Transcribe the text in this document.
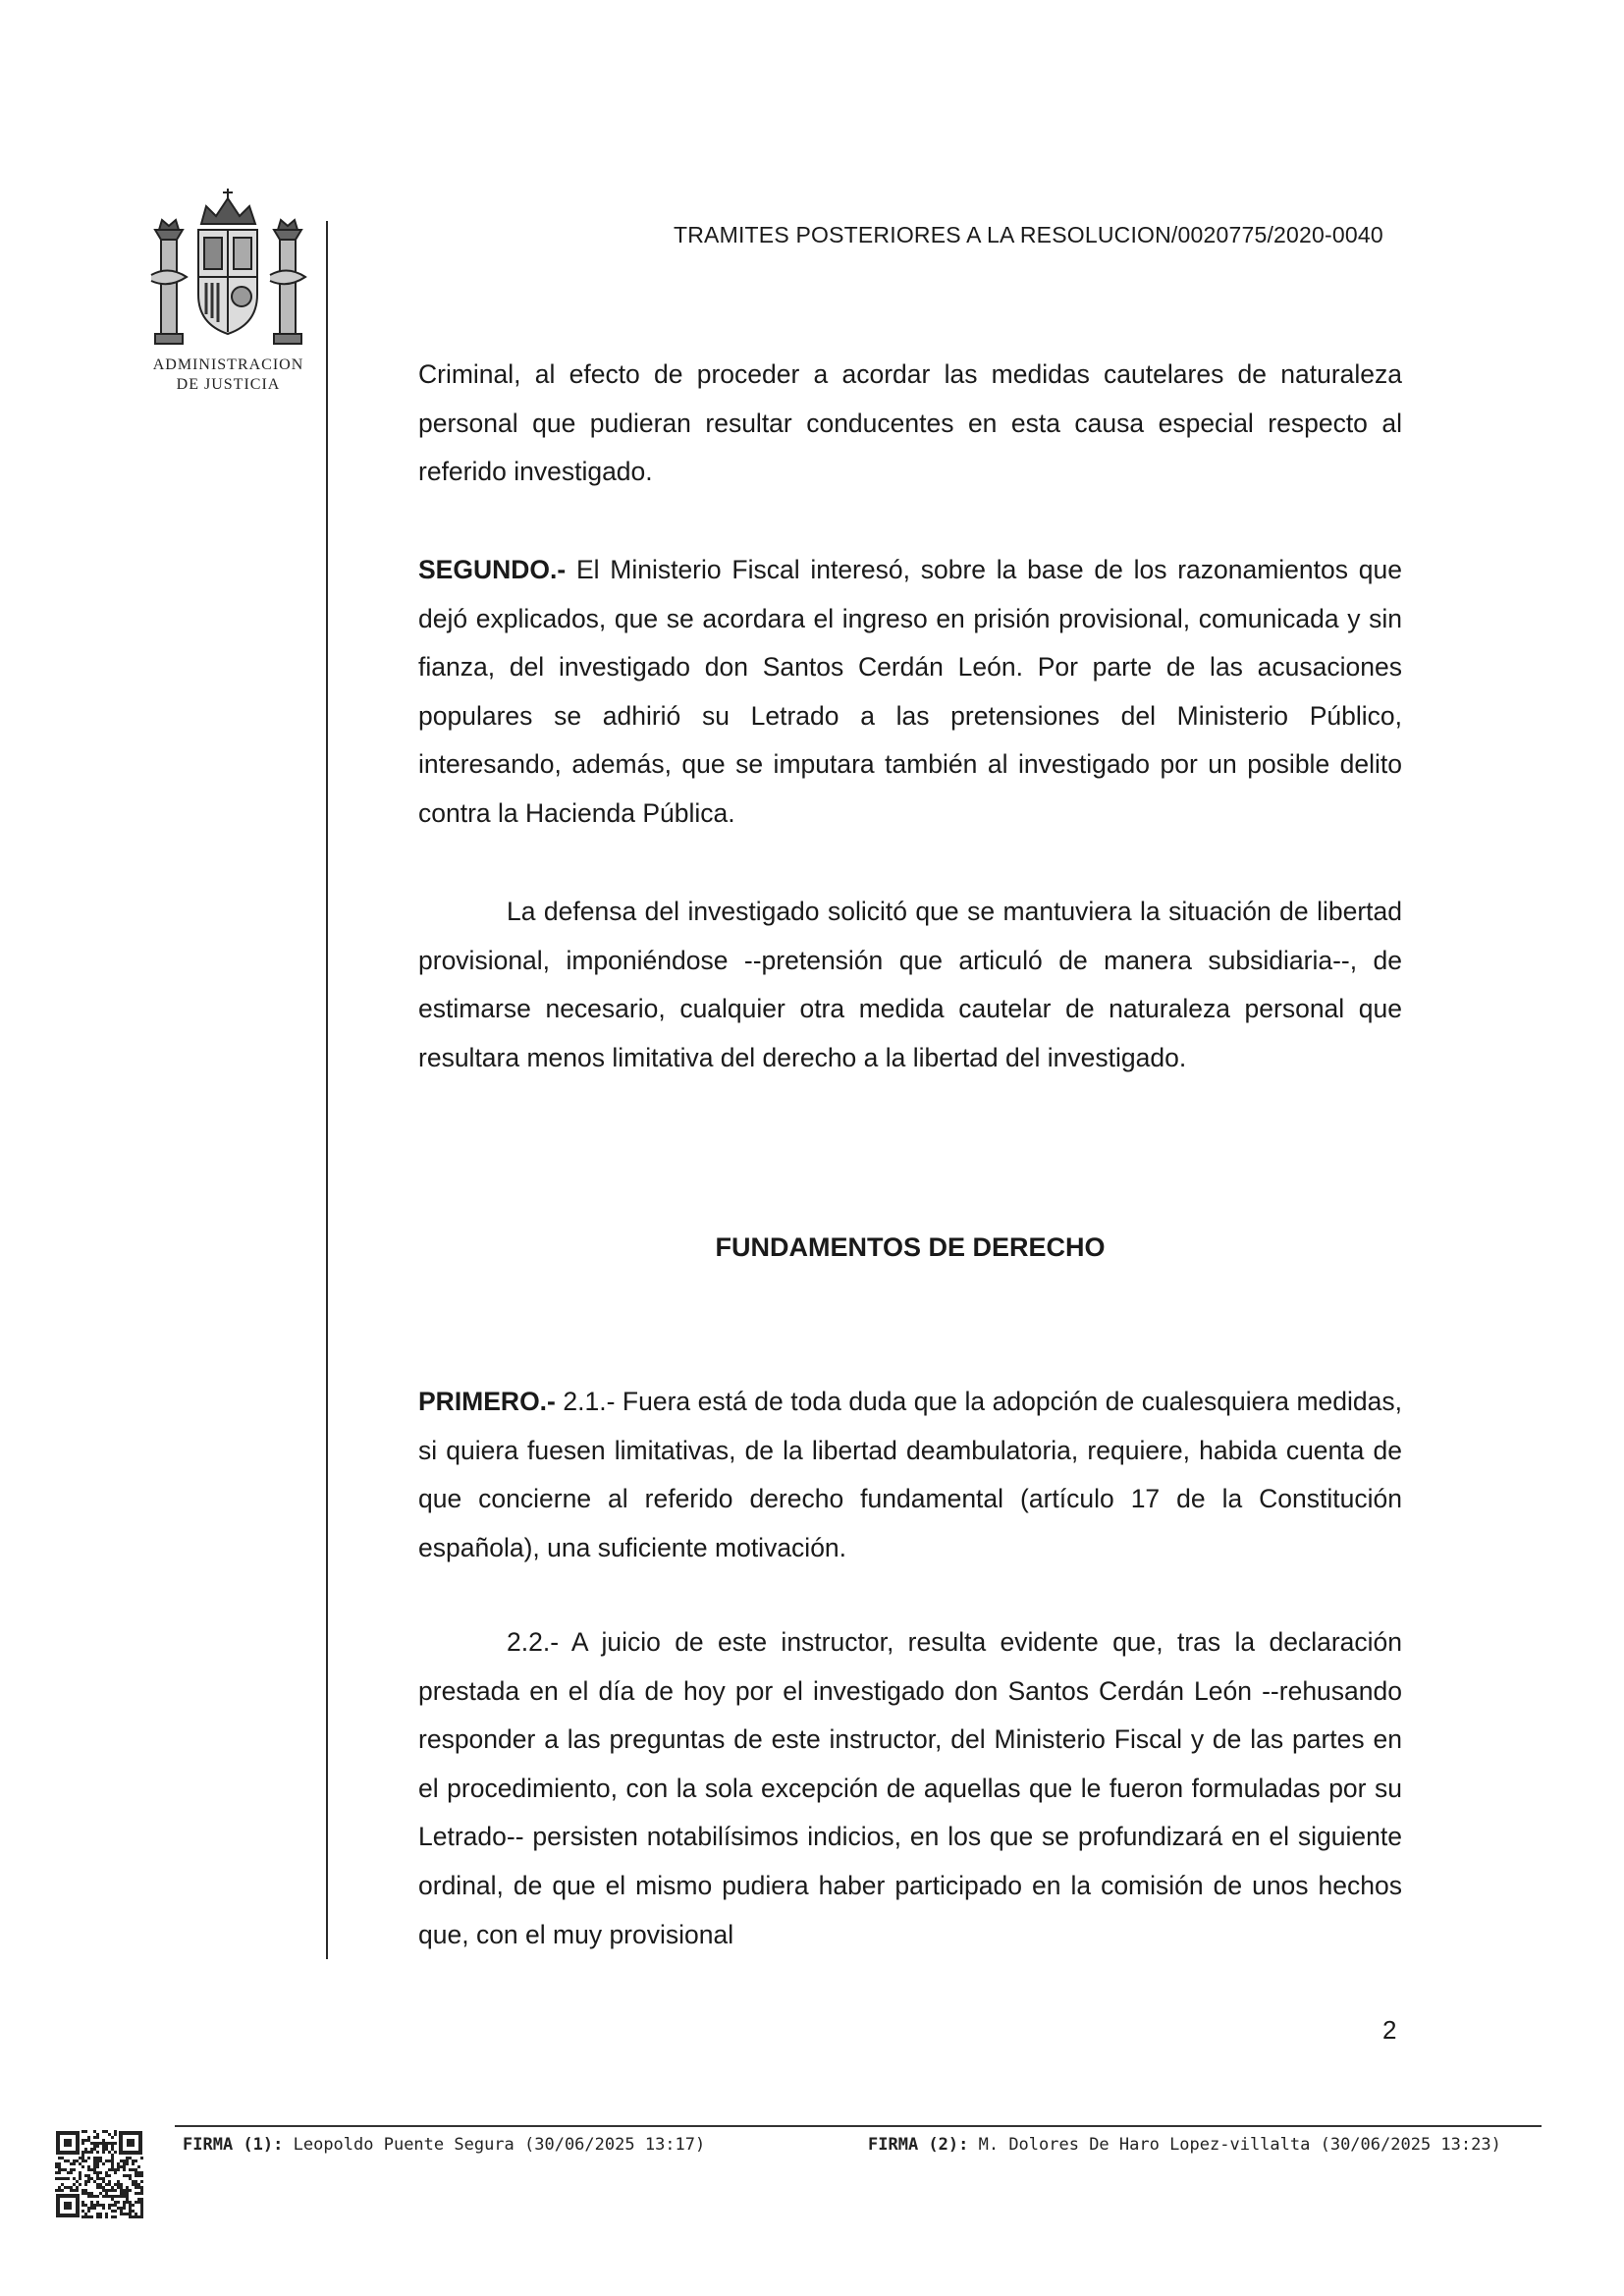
ADMINISTRACION
DE JUSTICIA
TRAMITES POSTERIORES A LA RESOLUCION/0020775/2020-0040

Criminal, al efecto de proceder a acordar las medidas cautelares de naturaleza personal que pudieran resultar conducentes en esta causa especial respecto al referido investigado.

SEGUNDO.- El Ministerio Fiscal interesó, sobre la base de los razonamientos que dejó explicados, que se acordara el ingreso en prisión provisional, comunicada y sin fianza, del investigado don Santos Cerdán León. Por parte de las acusaciones populares se adhirió su Letrado a las pretensiones del Ministerio Público, interesando, además, que se imputara también al investigado por un posible delito contra la Hacienda Pública.

La defensa del investigado solicitó que se mantuviera la situación de libertad provisional, imponiéndose --pretensión que articuló de manera subsidiaria--, de estimarse necesario, cualquier otra medida cautelar de naturaleza personal que resultara menos limitativa del derecho a la libertad del investigado.

FUNDAMENTOS DE DERECHO

PRIMERO.- 2.1.- Fuera está de toda duda que la adopción de cualesquiera medidas, si quiera fuesen limitativas, de la libertad deambulatoria, requiere, habida cuenta de que concierne al referido derecho fundamental (artículo 17 de la Constitución española), una suficiente motivación.

2.2.- A juicio de este instructor, resulta evidente que, tras la declaración prestada en el día de hoy por el investigado don Santos Cerdán León --rehusando responder a las preguntas de este instructor, del Ministerio Fiscal y de las partes en el procedimiento, con la sola excepción de aquellas que le fueron formuladas por su Letrado-- persisten notabilísimos indicios, en los que se profundizará en el siguiente ordinal, de que el mismo pudiera haber participado en la comisión de unos hechos que, con el muy provisional

2
FIRMA (1): Leopoldo Puente Segura (30/06/2025 13:17)	FIRMA (2): M. Dolores De Haro Lopez-villalta (30/06/2025 13:23)
